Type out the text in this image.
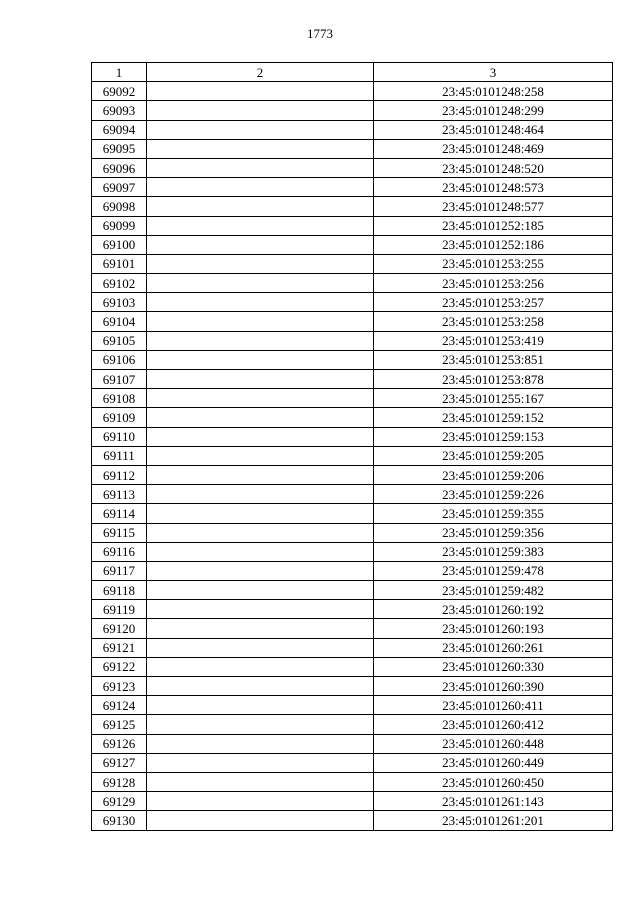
1773
1	2	3
69092		23:45:0101248:258
69093		23:45:0101248:299
69094		23:45:0101248:464
69095		23:45:0101248:469
69096		23:45:0101248:520
69097		23:45:0101248:573
69098		23:45:0101248:577
69099		23:45:0101252:185
69100		23:45:0101252:186
69101		23:45:0101253:255
69102		23:45:0101253:256
69103		23:45:0101253:257
69104		23:45:0101253:258
69105		23:45:0101253:419
69106		23:45:0101253:851
69107		23:45:0101253:878
69108		23:45:0101255:167
69109		23:45:0101259:152
69110		23:45:0101259:153
69111		23:45:0101259:205
69112		23:45:0101259:206
69113		23:45:0101259:226
69114		23:45:0101259:355
69115		23:45:0101259:356
69116		23:45:0101259:383
69117		23:45:0101259:478
69118		23:45:0101259:482
69119		23:45:0101260:192
69120		23:45:0101260:193
69121		23:45:0101260:261
69122		23:45:0101260:330
69123		23:45:0101260:390
69124		23:45:0101260:411
69125		23:45:0101260:412
69126		23:45:0101260:448
69127		23:45:0101260:449
69128		23:45:0101260:450
69129		23:45:0101261:143
69130		23:45:0101261:201
